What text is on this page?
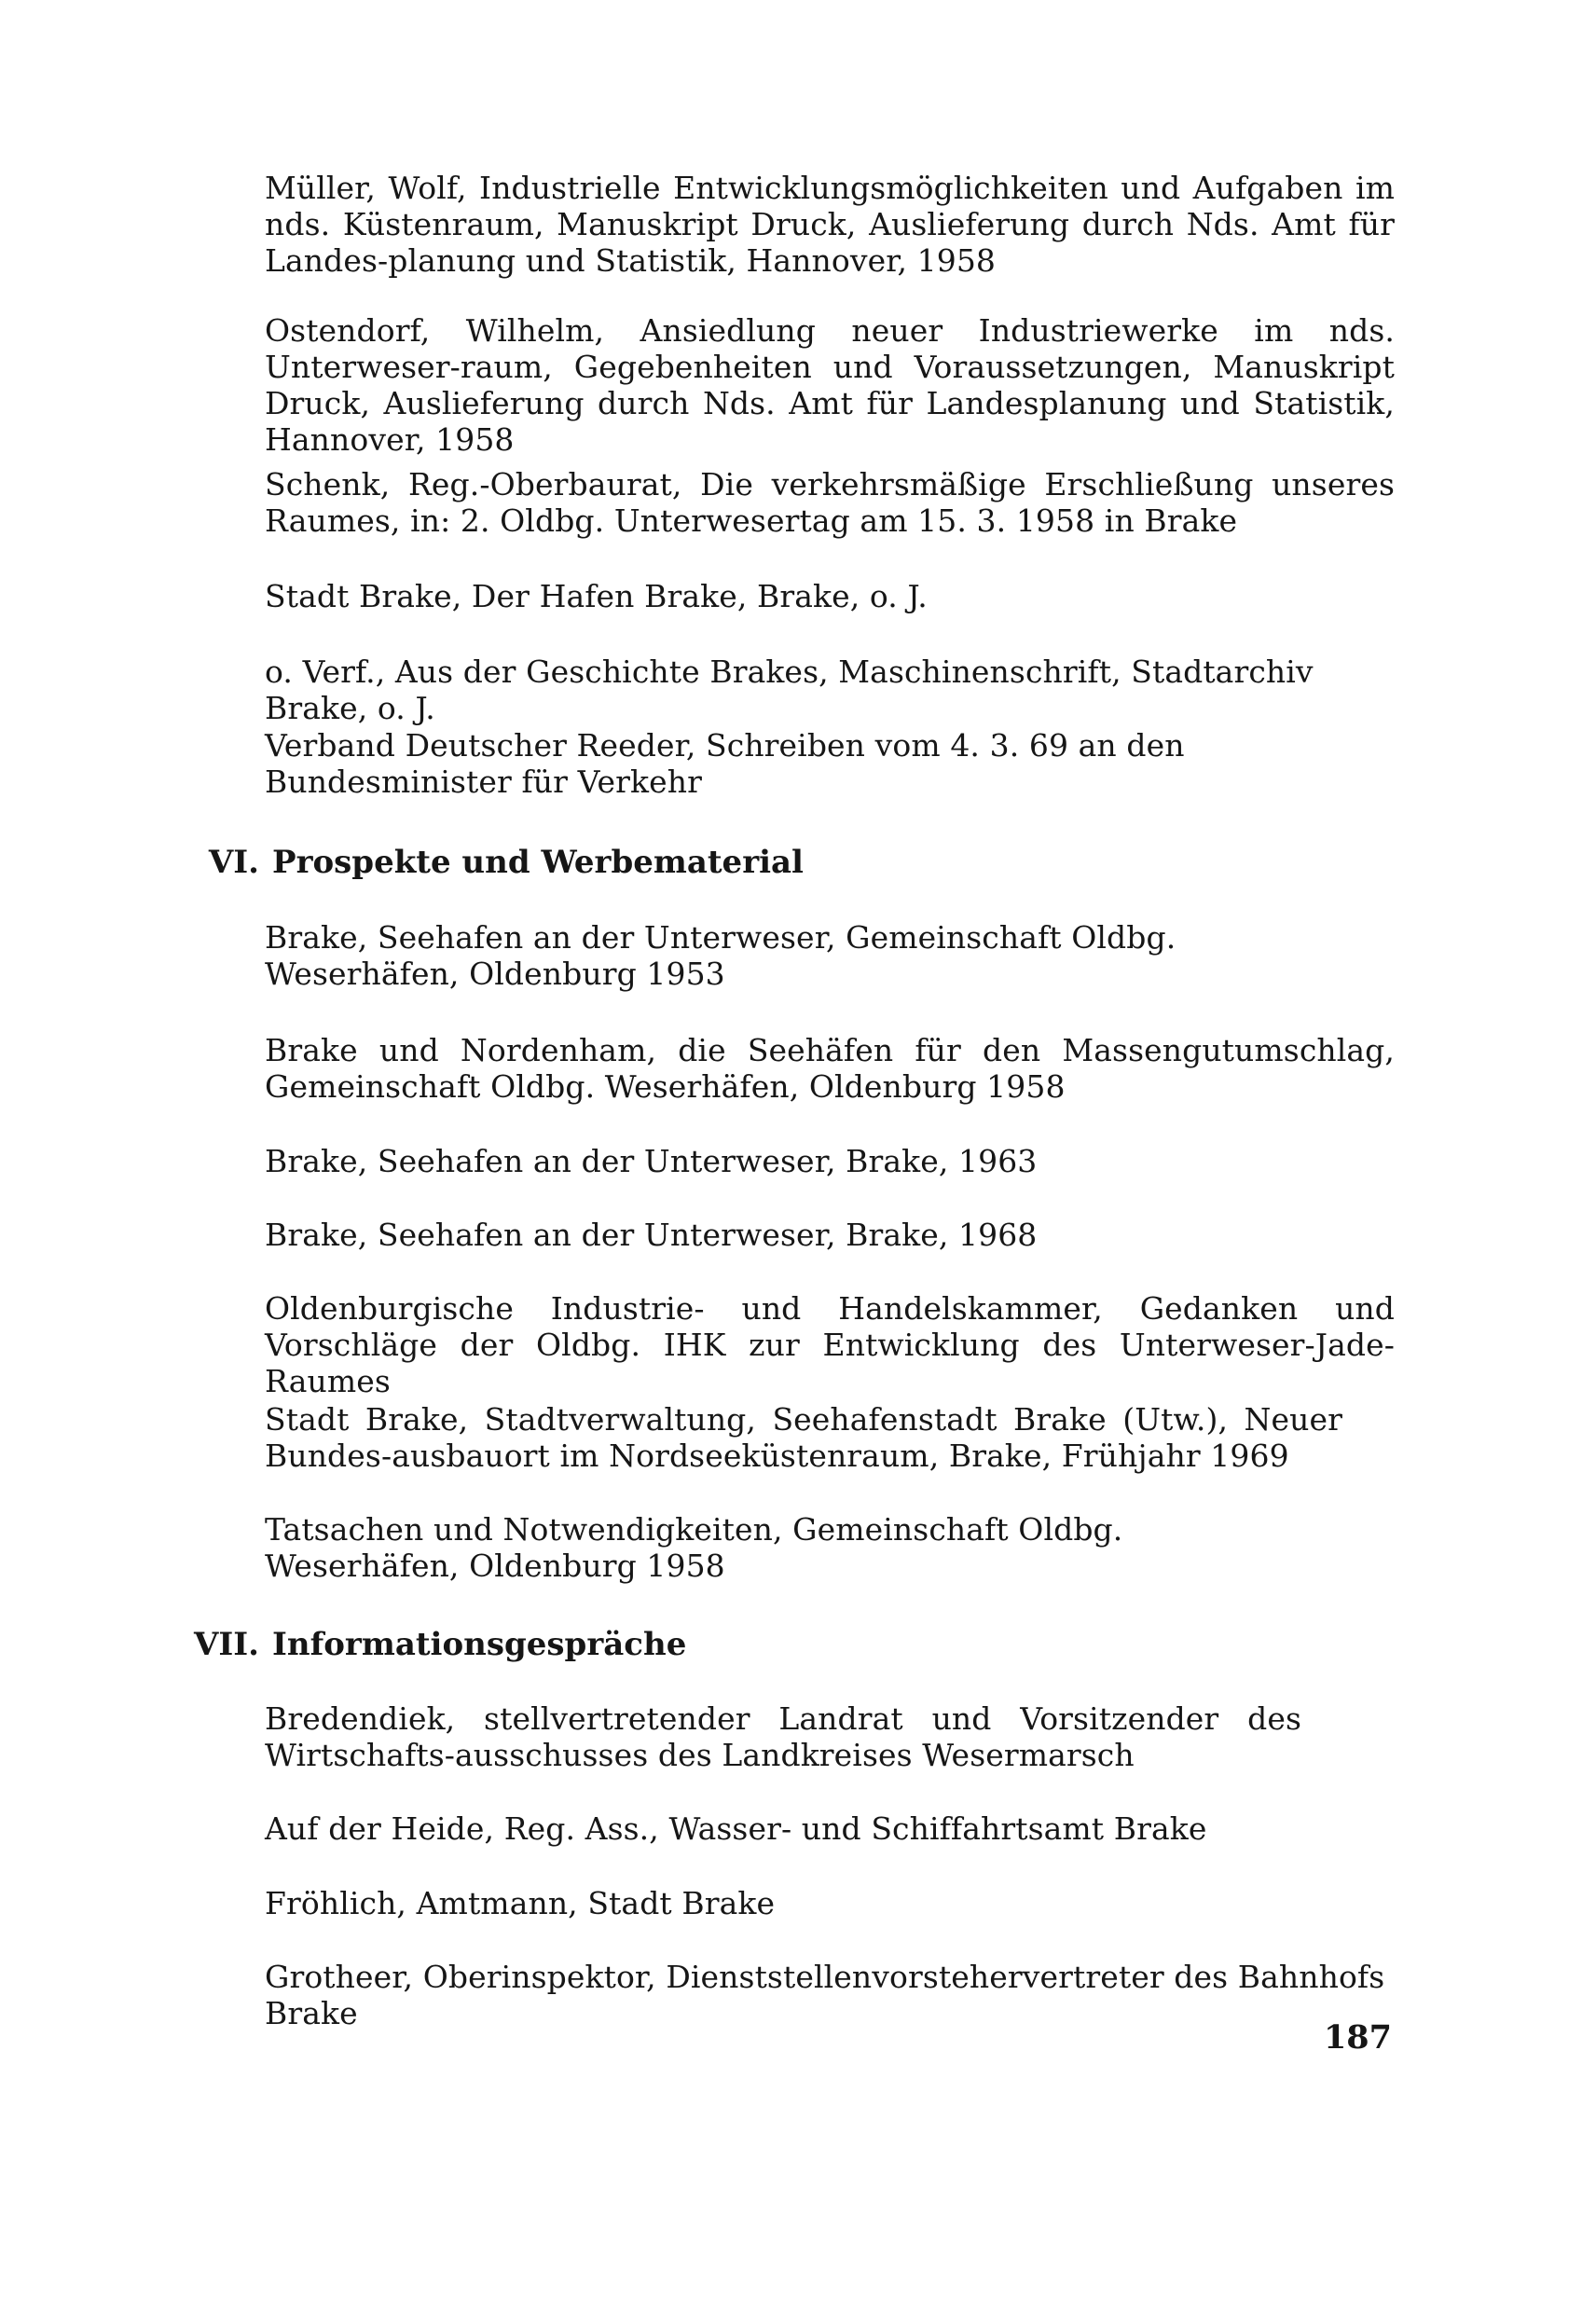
Müller, Wolf, Industrielle Entwicklungsmöglichkeiten und Aufgaben im nds. Küstenraum, Manuskript Druck, Auslieferung durch Nds. Amt für Landes-planung und Statistik, Hannover, 1958
Ostendorf, Wilhelm, Ansiedlung neuer Industriewerke im nds. Unterweser-raum, Gegebenheiten und Voraussetzungen, Manuskript Druck, Auslieferung durch Nds. Amt für Landesplanung und Statistik, Hannover, 1958
Schenk, Reg.-Oberbaurat, Die verkehrsmäßige Erschließung unseres Raumes, in: 2. Oldbg. Unterwesertag am 15. 3. 1958 in Brake
Stadt Brake, Der Hafen Brake, Brake, o. J.
o. Verf., Aus der Geschichte Brakes, Maschinenschrift, Stadtarchiv Brake, o. J.
Verband Deutscher Reeder, Schreiben vom 4. 3. 69 an den Bundesminister für Verkehr
VI. Prospekte und Werbematerial
Brake, Seehafen an der Unterweser, Gemeinschaft Oldbg. Weserhäfen, Oldenburg 1953
Brake und Nordenham, die Seehäfen für den Massengutumschlag, Gemeinschaft Oldbg. Weserhäfen, Oldenburg 1958
Brake, Seehafen an der Unterweser, Brake, 1963
Brake, Seehafen an der Unterweser, Brake, 1968
Oldenburgische Industrie- und Handelskammer, Gedanken und Vorschläge der Oldbg. IHK zur Entwicklung des Unterweser-Jade-Raumes
Stadt Brake, Stadtverwaltung, Seehafenstadt Brake (Utw.), Neuer Bundes-ausbauort im Nordseeküstenraum, Brake, Frühjahr 1969
Tatsachen und Notwendigkeiten, Gemeinschaft Oldbg. Weserhäfen, Oldenburg 1958
VII. Informationsgespräche
Bredendiek, stellvertretender Landrat und Vorsitzender des Wirtschafts-ausschusses des Landkreises Wesermarsch
Auf der Heide, Reg. Ass., Wasser- und Schiffahrtsamt Brake
Fröhlich, Amtmann, Stadt Brake
Grotheer, Oberinspektor, Dienststellenvorstehervertreter des Bahnhofs Brake
187
